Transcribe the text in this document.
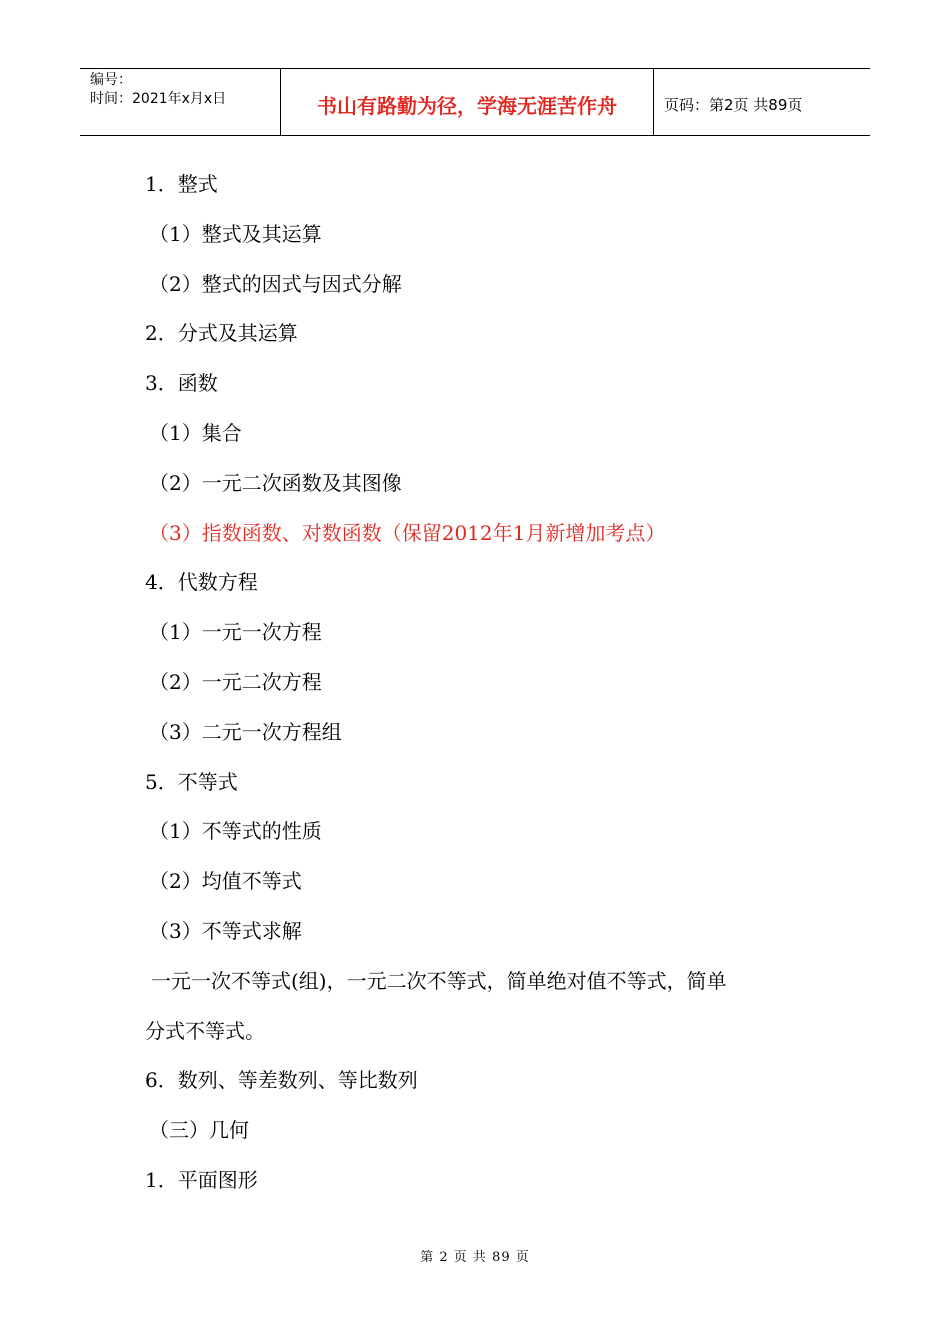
编号：
时间：2021年x月x日	书山有路勤为径，学海无涯苦作舟	页码：第2页 共89页
1．整式
（1）整式及其运算
（2）整式的因式与因式分解
2．分式及其运算
3．函数
（1）集合
（2）一元二次函数及其图像
（3）指数函数、对数函数（保留2012年1月新增加考点）
4．代数方程
（1）一元一次方程
（2）一元二次方程
（3）二元一次方程组
5．不等式
（1）不等式的性质
（2）均值不等式
（3）不等式求解
一元一次不等式(组)，一元二次不等式，简单绝对值不等式，简单
分式不等式。
6．数列、等差数列、等比数列
（三）几何
1．平面图形
第 2 页 共 89 页
